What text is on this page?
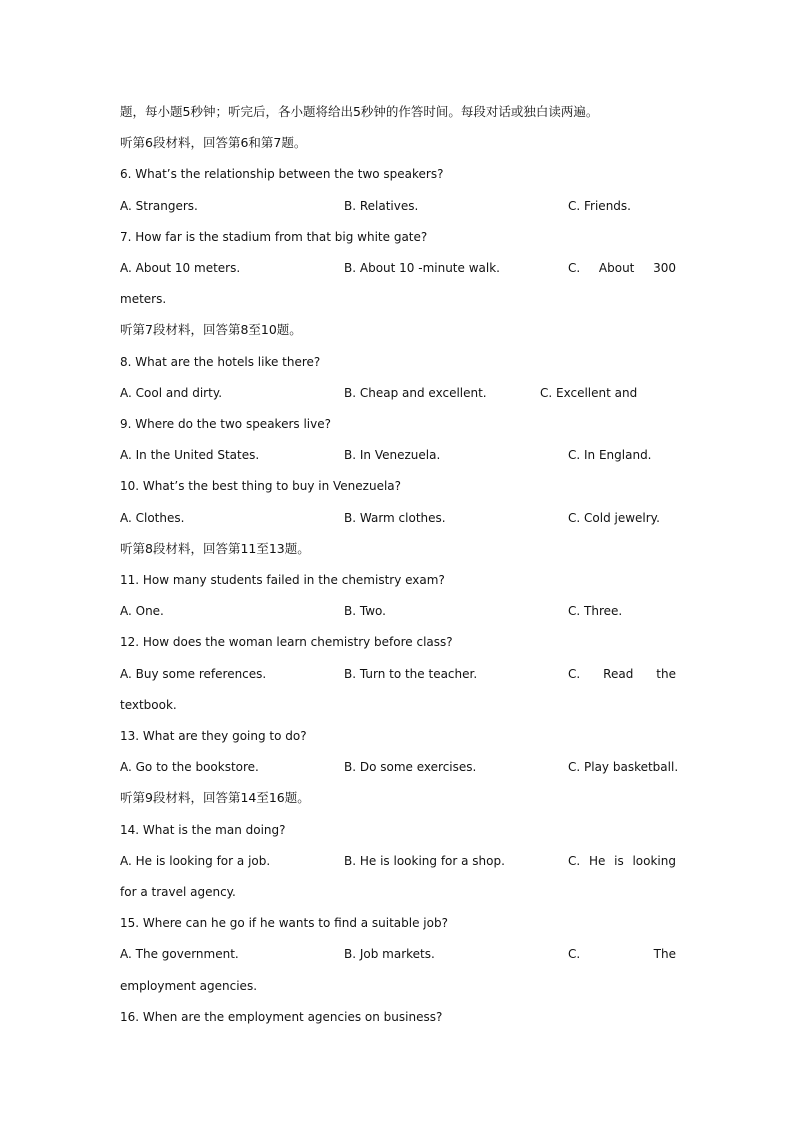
题，每小题5秒钟；听完后，各小题将给出5秒钟的作答时间。每段对话或独白读两遍。
听第6段材料，回答第6和第7题。
6. What’s the relationship between the two speakers?
A. Strangers.	B. Relatives.	C. Friends.
7. How far is the stadium from that big white gate?
A. About 10 meters.	B. About 10 -minute walk.	C. About 300
meters.
听第7段材料，回答第8至10题。
8. What are the hotels like there?
A. Cool and dirty.	B. Cheap and excellent.	C. Excellent and
9. Where do the two speakers live?
A. In the United States.	B. In Venezuela.	C. In England.
10. What’s the best thing to buy in Venezuela?
A. Clothes.	B. Warm clothes.	C. Cold jewelry.
听第8段材料，回答第11至13题。
11. How many students failed in the chemistry exam?
A. One.	B. Two.	C. Three.
12. How does the woman learn chemistry before class?
A. Buy some references.	B. Turn to the teacher.	C. Read the
textbook.
13. What are they going to do?
A. Go to the bookstore.	B. Do some exercises.	C. Play basketball.
听第9段材料，回答第14至16题。
14. What is the man doing?
A. He is looking for a job.	B. He is looking for a shop.	C. He is looking
for a travel agency.
15. Where can he go if he wants to find a suitable job?
A. The government.	B. Job markets.	C.	The
employment agencies.
16. When are the employment agencies on business?
